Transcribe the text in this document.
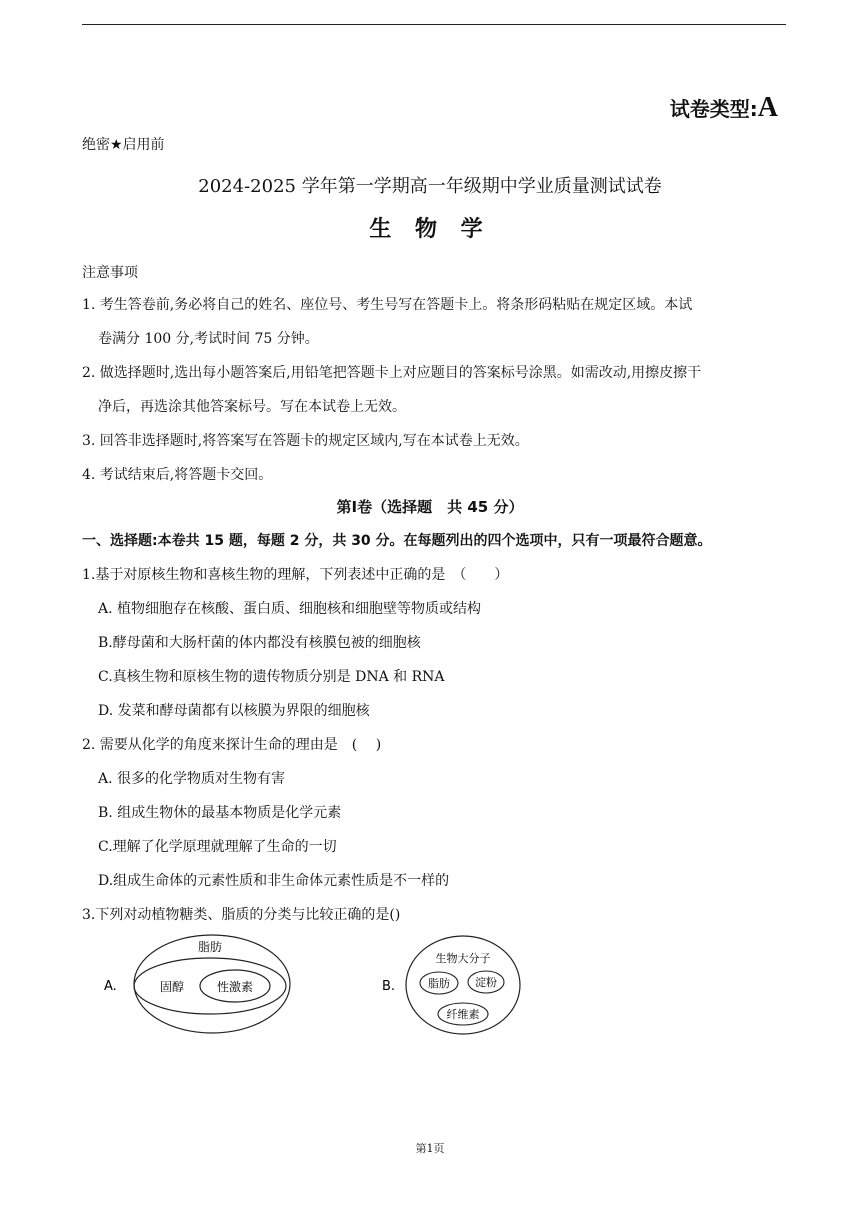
试卷类型:A
绝密★启用前
2024-2025 学年第一学期高一年级期中学业质量测试试卷
生 物 学
注意事项
1. 考生答卷前,务必将自己的姓名、座位号、考生号写在答题卡上。将条形码粘贴在规定区域。本试
卷满分 100 分,考试时间 75 分钟。
2. 做选择题时,选出每小题答案后,用铅笔把答题卡上对应题目的答案标号涂黑。如需改动,用擦皮擦干
净后，再选涂其他答案标号。写在本试卷上无效。
3. 回答非选择题时,将答案写在答题卡的规定区域内,写在本试卷上无效。
4. 考试结束后,将答题卡交回。
第Ⅰ卷（选择题　共 45 分）
一、选择题:本卷共 15 题，每题 2 分，共 30 分。在每题列出的四个选项中，只有一项最符合题意。
1.基于对原核生物和喜核生物的理解，下列表述中正确的是　（　　）
A. 植物细胞存在核酸、蛋白质、细胞核和细胞壁等物质或结构
B.酵母菌和大肠杆菌的体内都没有核膜包被的细胞核
C.真核生物和原核生物的遗传物质分别是 DNA 和 RNA
D. 发菜和酵母菌都有以核膜为界限的细胞核
2. 需要从化学的角度来探计生命的理由是　(　 )
A. 很多的化学物质对生物有害
B. 组成生物休的最基本物质是化学元素
C.理解了化学原理就理解了生命的一切
D.组成生命体的元素性质和非生命体元素性质是不一样的
3.下列对动植物糖类、脂质的分类与比较正确的是()
A.
脂肪
固醇	性激素	B.
生物大分子
脂肪 淀粉
纤维素
第1页
